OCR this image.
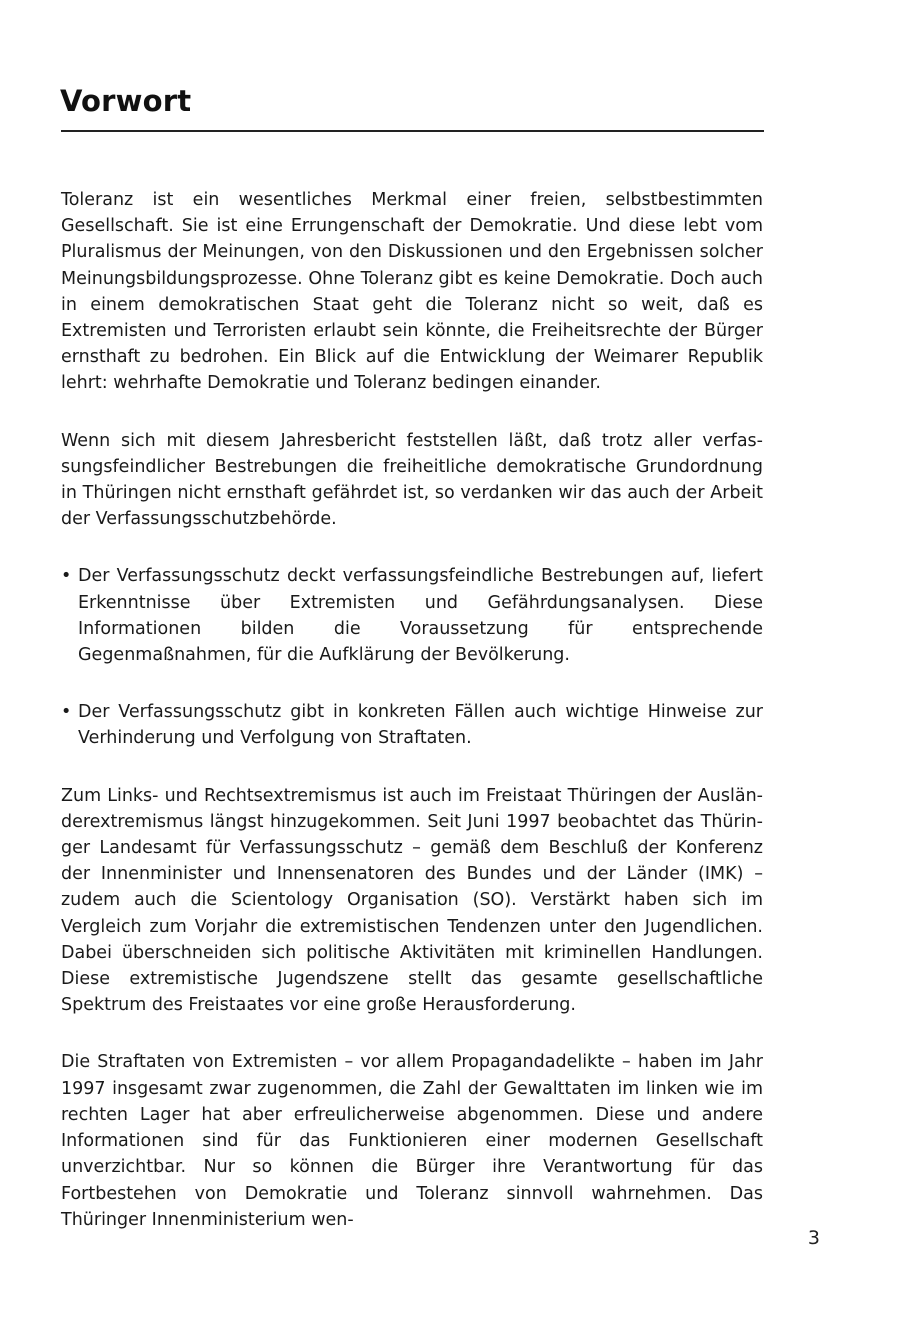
Vorwort

Toleranz ist ein wesentliches Merkmal einer freien, selbstbestimmten Gesellschaft. Sie ist eine Errungenschaft der Demokratie. Und diese lebt vom Pluralismus der Meinungen, von den Diskussionen und den Ergebnissen solcher Meinungsbildungsprozesse. Ohne Toleranz gibt es keine Demokratie. Doch auch in einem demokratischen Staat geht die Toleranz nicht so weit, daß es Extremisten und Terroristen erlaubt sein könnte, die Freiheitsrechte der Bürger ernsthaft zu bedrohen. Ein Blick auf die Entwicklung der Weimarer Republik lehrt: wehrhafte Demokratie und Toleranz bedingen einander.

Wenn sich mit diesem Jahresbericht feststellen läßt, daß trotz aller verfassungsfeindlicher Bestrebungen die freiheitliche demokratische Grundordnung in Thüringen nicht ernsthaft gefährdet ist, so verdanken wir das auch der Arbeit der Verfassungsschutzbehörde.

• Der Verfassungsschutz deckt verfassungsfeindliche Bestrebungen auf, liefert Erkenntnisse über Extremisten und Gefährdungsanalysen. Diese Informationen bilden die Voraussetzung für entsprechende Gegenmaßnahmen, für die Aufklärung der Bevölkerung.
• Der Verfassungsschutz gibt in konkreten Fällen auch wichtige Hinweise zur Verhinderung und Verfolgung von Straftaten.

Zum Links- und Rechtsextremismus ist auch im Freistaat Thüringen der Ausländerextremismus längst hinzugekommen. Seit Juni 1997 beobachtet das Thüringer Landesamt für Verfassungsschutz – gemäß dem Beschluß der Konferenz der Innenminister und Innensenatoren des Bundes und der Länder (IMK) – zudem auch die Scientology Organisation (SO). Verstärkt haben sich im Vergleich zum Vorjahr die extremistischen Tendenzen unter den Jugendlichen. Dabei überschneiden sich politische Aktivitäten mit kriminellen Handlungen. Diese extremistische Jugendszene stellt das gesamte gesellschaftliche Spektrum des Freistaates vor eine große Herausforderung.

Die Straftaten von Extremisten – vor allem Propagandadelikte – haben im Jahr 1997 insgesamt zwar zugenommen, die Zahl der Gewalttaten im linken wie im rechten Lager hat aber erfreulicherweise abgenommen. Diese und andere Informationen sind für das Funktionieren einer modernen Gesellschaft unverzichtbar. Nur so können die Bürger ihre Verantwortung für das Fortbestehen von Demokratie und Toleranz sinnvoll wahrnehmen. Das Thüringer Innenministerium wen-

3
